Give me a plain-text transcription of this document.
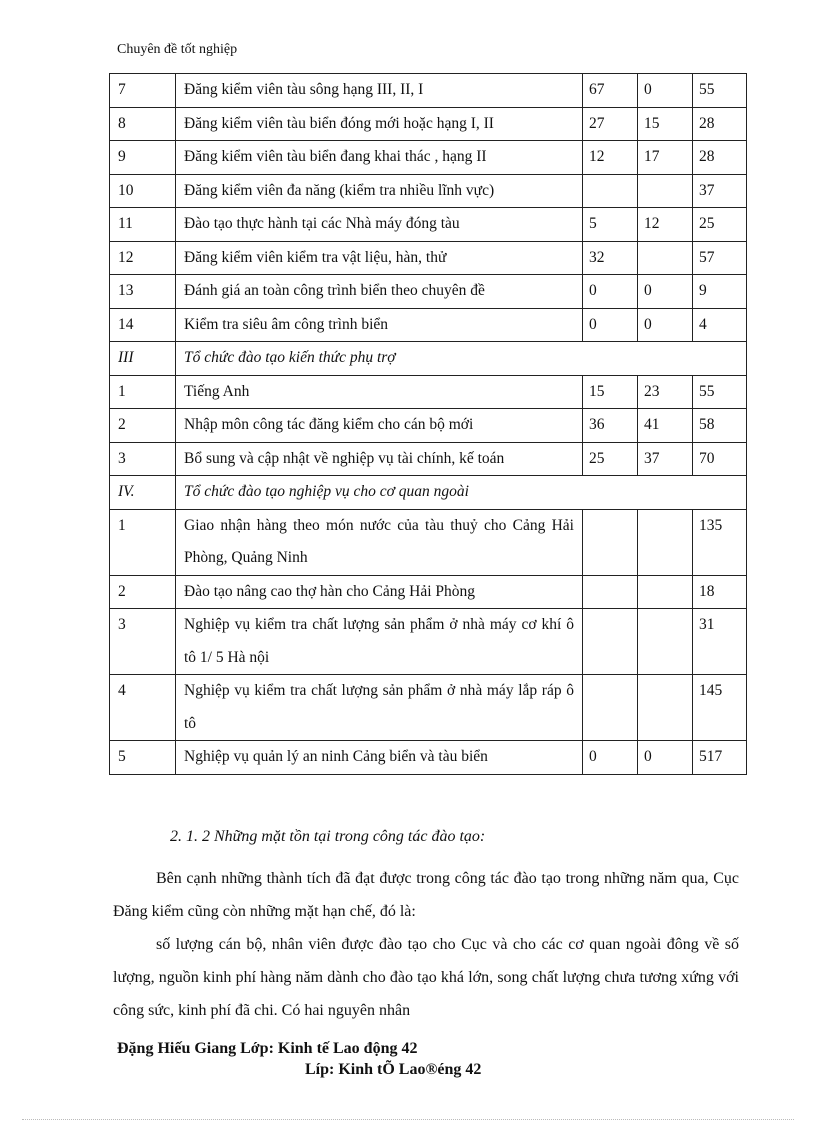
Chuyên đề tốt nghiệp
7	Đăng kiểm viên tàu sông hạng III, II, I	67	0	55
8	Đăng kiểm viên tàu biển đóng mới hoặc hạng I, II	27	15	28
9	Đăng kiểm viên tàu biển đang khai thác , hạng II	12	17	28
10	Đăng kiểm viên đa năng (kiểm tra nhiều lĩnh vực)			37
11	Đào tạo thực hành tại các Nhà máy đóng tàu	5	12	25
12	Đăng kiểm viên kiểm tra vật liệu, hàn, thử	32		57
13	Đánh giá an toàn công trình biển theo chuyên đề	0	0	9
14	Kiểm tra siêu âm công trình biển	0	0	4
III	Tổ chức đào tạo kiến thức phụ trợ			
1	Tiếng Anh	15	23	55
2	Nhập môn công tác đăng kiểm cho cán bộ mới	36	41	58
3	Bổ sung và cập nhật về nghiệp vụ tài chính, kế toán	25	37	70
IV.	Tổ chức đào tạo nghiệp vụ cho cơ quan ngoài			
1	Giao nhận hàng theo món nước của tàu thuỷ cho Cảng Hải Phòng, Quảng Ninh			135
2	Đào tạo nâng cao thợ hàn cho Cảng Hải Phòng			18
3	Nghiệp vụ kiểm tra chất lượng sản phẩm ở nhà máy cơ khí ô tô 1/ 5 Hà nội			31
4	Nghiệp vụ kiểm tra chất lượng sản phẩm ở nhà máy lắp ráp ô tô			145
5	Nghiệp vụ quản lý an ninh Cảng biển và tàu biển	0	0	517
2. 1. 2 Những mặt tồn tại trong công tác đào tạo:
Bên cạnh những thành tích đã đạt được trong công tác đào tạo trong những năm qua, Cục Đăng kiểm cũng còn những mặt hạn chế, đó là:
số lượng cán bộ, nhân viên được đào tạo cho Cục và cho các cơ quan ngoài đông về số lượng, nguồn kinh phí hàng năm dành cho đào tạo khá lớn, song chất lượng chưa tương xứng với công sức, kinh phí đã chi. Có hai nguyên nhân
Đặng Hiếu Giang Lớp: Kinh tế Lao động 42
Líp: Kinh tÕ Lao®éng 42
